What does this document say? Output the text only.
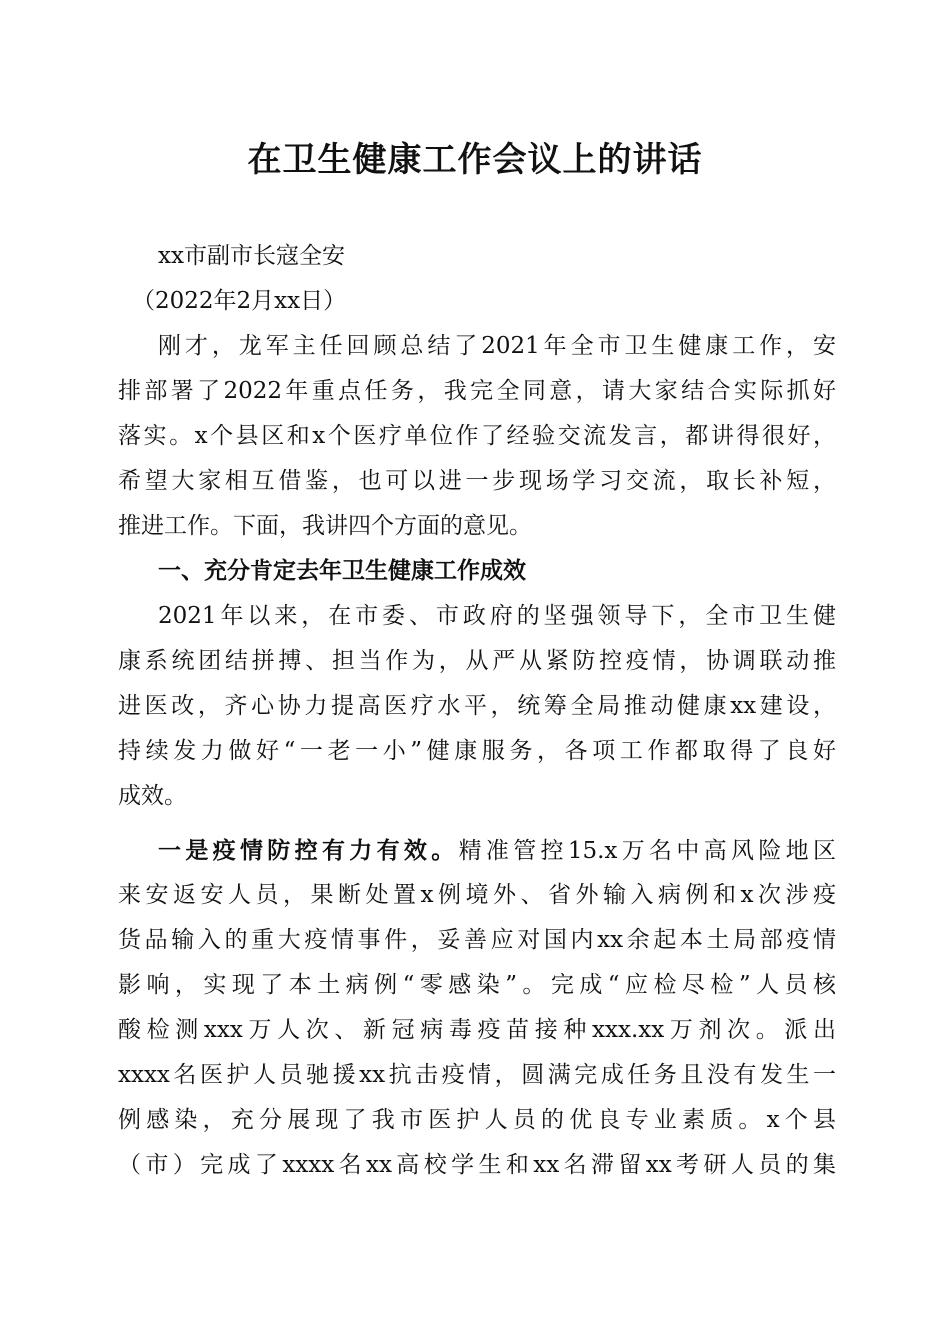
在卫生健康工作会议上的讲话
xx市副市长寇全安
（2022年2月xx日）
刚才，龙军主任回顾总结了2021年全市卫生健康工作，安
排部署了2022年重点任务，我完全同意，请大家结合实际抓好
落实。x个县区和x个医疗单位作了经验交流发言，都讲得很好，
希望大家相互借鉴，也可以进一步现场学习交流，取长补短，
推进工作。下面，我讲四个方面的意见。
一、充分肯定去年卫生健康工作成效
2021年以来，在市委、市政府的坚强领导下，全市卫生健
康系统团结拼搏、担当作为，从严从紧防控疫情，协调联动推
进医改，齐心协力提高医疗水平，统筹全局推动健康xx建设，
持续发力做好“一老一小”健康服务，各项工作都取得了良好
成效。
一是疫情防控有力有效。精准管控15.x万名中高风险地区
来安返安人员，果断处置x例境外、省外输入病例和x次涉疫
货品输入的重大疫情事件，妥善应对国内xx余起本土局部疫情
影响，实现了本土病例“零感染”。完成“应检尽检”人员核
酸检测xxx万人次、新冠病毒疫苗接种xxx.xx万剂次。派出
xxxx名医护人员驰援xx抗击疫情，圆满完成任务且没有发生一
例感染，充分展现了我市医护人员的优良专业素质。x个县
（市）完成了xxxx名xx高校学生和xx名滞留xx考研人员的集
